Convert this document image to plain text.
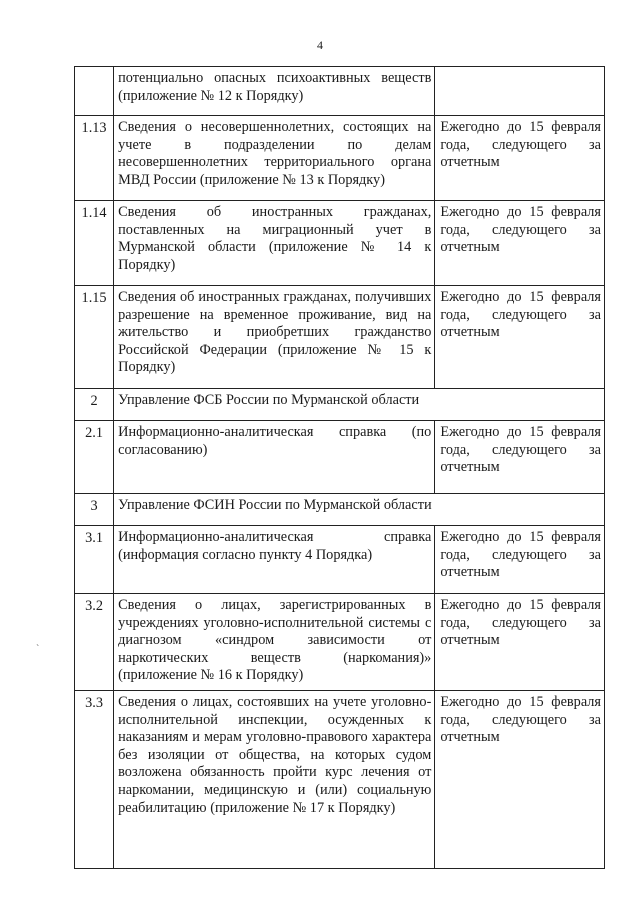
4
	потенциально опасных психоактивных веществ (приложение № 12 к Порядку)	
1.13	Сведения о несовершеннолетних, состоящих на учете в подразделении по делам несовершеннолетних территориального органа МВД России (приложение № 13 к Порядку)	Ежегодно до 15 февраля года, следующего за отчетным
1.14	Сведения об иностранных гражданах, поставленных на миграционный учет в Мурманской области (приложение № 14 к Порядку)	Ежегодно до 15 февраля года, следующего за отчетным
1.15	Сведения об иностранных гражданах, получивших разрешение на временное проживание, вид на жительство и приобретших гражданство Российской Федерации (приложение № 15 к Порядку)	Ежегодно до 15 февраля года, следующего за отчетным
2	Управление ФСБ России по Мурманской области	
2.1	Информационно-аналитическая справка (по согласованию)	Ежегодно до 15 февраля года, следующего за отчетным
3	Управление ФСИН России по Мурманской области	
3.1	Информационно-аналитическая справка (информация согласно пункту 4 Порядка)	Ежегодно до 15 февраля года, следующего за отчетным
3.2	Сведения о лицах, зарегистрированных в учреждениях уголовно-исполнительной системы с диагнозом «синдром зависимости от наркотических веществ (наркомания)» (приложение № 16 к Порядку)	Ежегодно до 15 февраля года, следующего за отчетным
3.3	Сведения о лицах, состоявших на учете уголовно-исполнительной инспекции, осужденных к наказаниям и мерам уголовно-правового характера без изоляции от общества, на которых судом возложена обязанность пройти курс лечения от наркомании, медицинскую и (или) социальную реабилитацию (приложение № 17 к Порядку)	Ежегодно до 15 февраля года, следующего за отчетным
`
